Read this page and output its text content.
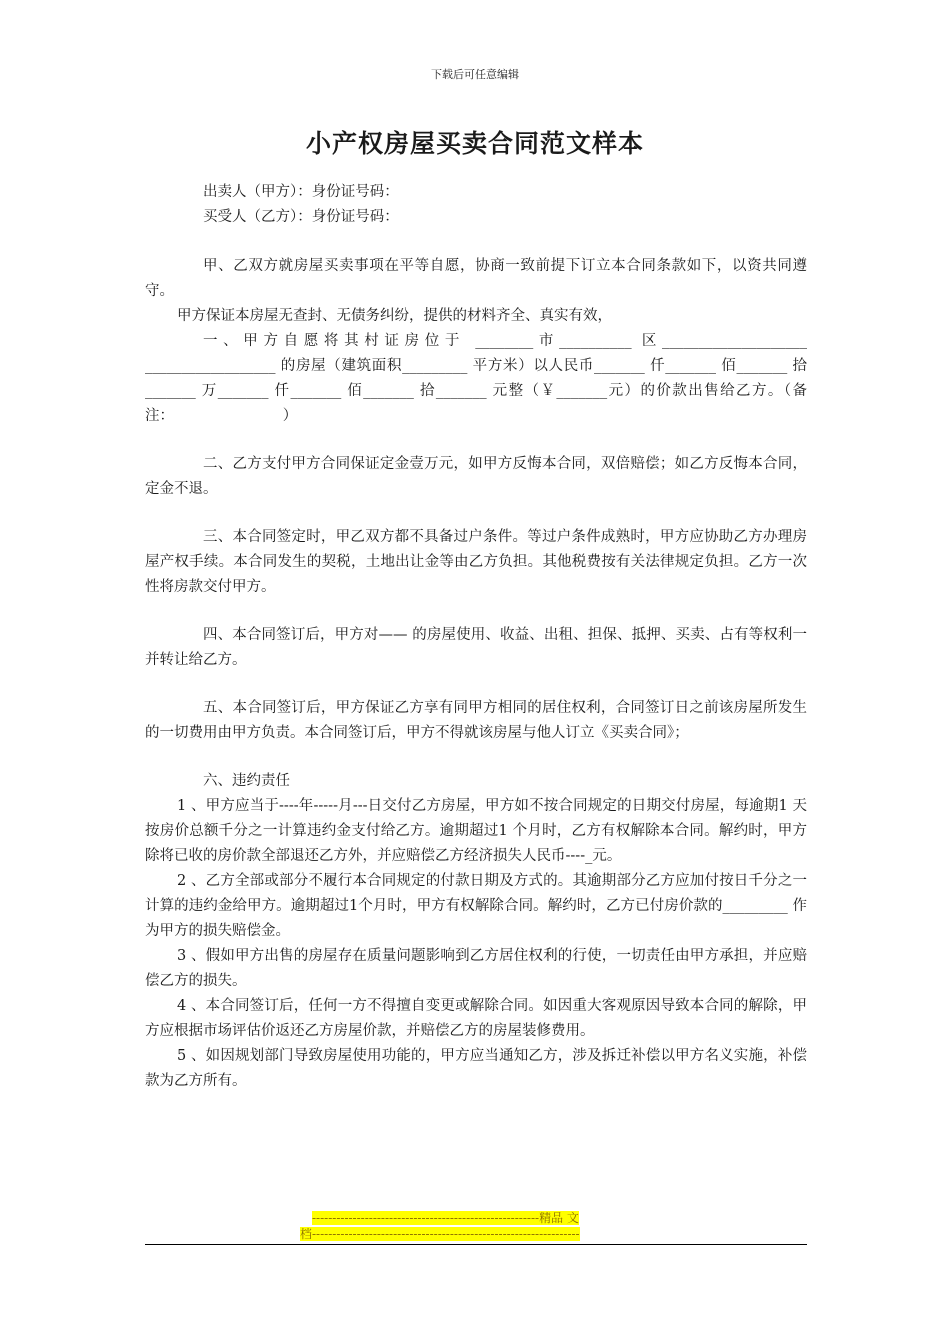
下载后可任意编辑
小产权房屋买卖合同范文样本
出卖人（甲方）：身份证号码：
买受人（乙方）：身份证号码：

甲、乙双方就房屋买卖事项在平等自愿，协商一致前提下订立本合同条款如下，以资共同遵守。

甲方保证本房屋无查封、无债务纠纷，提供的材料齐全、真实有效，

一、甲方自愿将其村证房位于 ________市__________ 区____________________ __________________ 的房屋（建筑面积_________ 平方米）以人民币_______ 仟_______ 佰_______ 拾_______ 万_______ 仟_______ 佰_______ 拾_______ 元整（￥_______元）的价款出售给乙方。（备注：　　　　　　　　）

二、乙方支付甲方合同保证定金壹万元，如甲方反悔本合同，双倍赔偿；如乙方反悔本合同，定金不退。

三、本合同签定时，甲乙双方都不具备过户条件。等过户条件成熟时，甲方应协助乙方办理房屋产权手续。本合同发生的契税，土地出让金等由乙方负担。其他税费按有关法律规定负担。乙方一次性将房款交付甲方。

四、本合同签订后，甲方对—— 的房屋使用、收益、出租、担保、抵押、买卖、占有等权利一并转让给乙方。

五、本合同签订后，甲方保证乙方享有同甲方相同的居住权利，合同签订日之前该房屋所发生的一切费用由甲方负责。本合同签订后，甲方不得就该房屋与他人订立《买卖合同》；

六、违约责任

1 、甲方应当于----年-----月---日交付乙方房屋，甲方如不按合同规定的日期交付房屋，每逾期1 天按房价总额千分之一计算违约金支付给乙方。逾期超过1 个月时，乙方有权解除本合同。解约时，甲方除将已收的房价款全部退还乙方外，并应赔偿乙方经济损失人民币----_元。

2 、乙方全部或部分不履行本合同规定的付款日期及方式的。其逾期部分乙方应加付按日千分之一计算的违约金给甲方。逾期超过1个月时，甲方有权解除合同。解约时，乙方已付房价款的_________ 作为甲方的损失赔偿金。

3 、假如甲方出售的房屋存在质量问题影响到乙方居住权利的行使，一切责任由甲方承担，并应赔偿乙方的损失。

4 、本合同签订后，任何一方不得擅自变更或解除合同。如因重大客观原因导致本合同的解除，甲方应根据市场评估价返还乙方房屋价款，并赔偿乙方的房屋装修费用。

5 、如因规划部门导致房屋使用功能的，甲方应当通知乙方，涉及拆迁补偿以甲方名义实施，补偿款为乙方所有。

--------------------------------------------------------精品 文
档------------------------------------------------------------------
